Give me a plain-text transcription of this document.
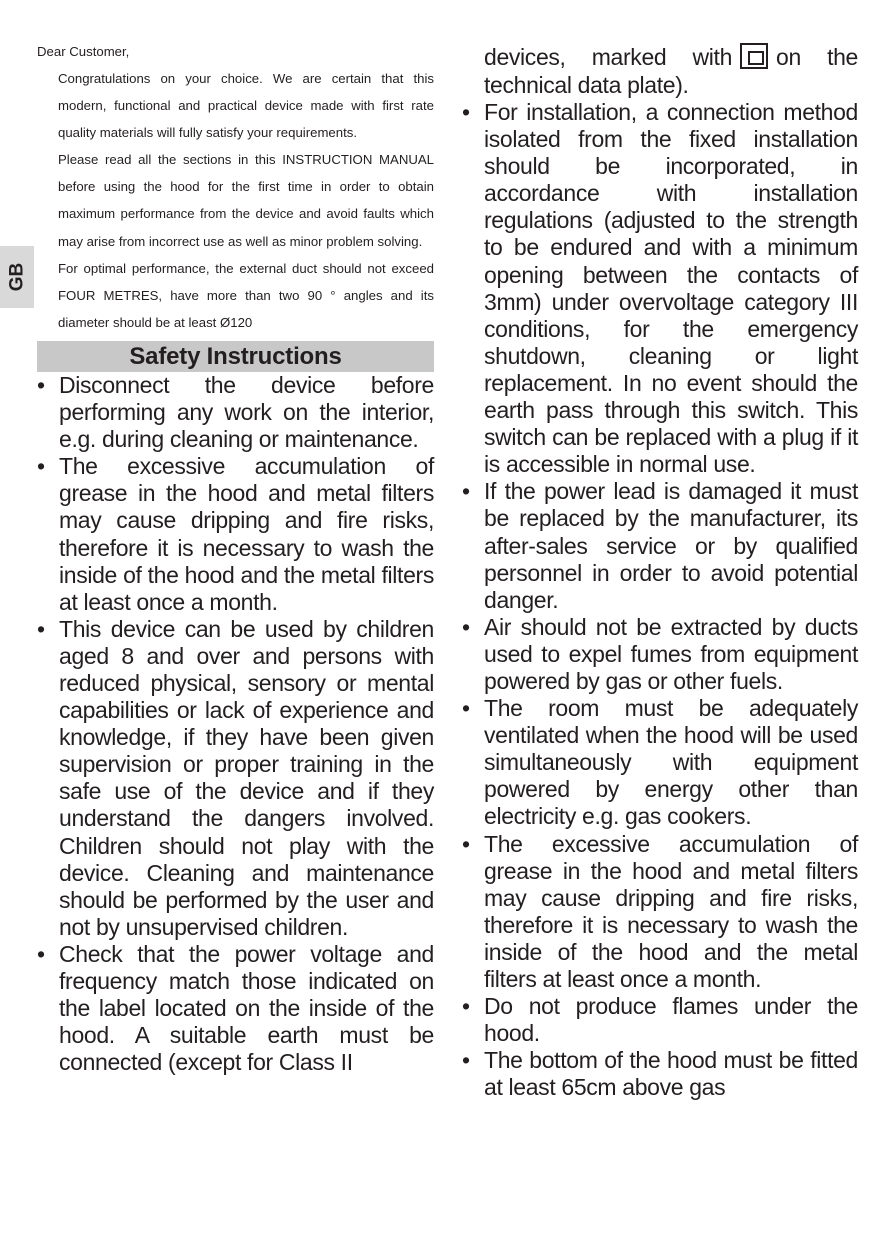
GB

Dear Customer,

Congratulations on your choice. We are certain that this modern, functional and practical device made with first rate quality materials will fully satisfy your requirements.

Please read all the sections in this INSTRUCTION MANUAL before using the hood for the first time in order to obtain maximum performance from the device and avoid faults which may arise from incorrect use as well as minor problem solving.

For optimal performance, the external duct should not exceed FOUR METRES, have more than two 90 ° angles and its diameter should be at least Ø120

Safety Instructions
• Disconnect the device before performing any work on the interior, e.g. during cleaning or maintenance.
• The excessive accumulation of grease in the hood and metal filters may cause dripping and fire risks, therefore it is necessary to wash the inside of the hood and the metal filters at least once a month.
• This device can be used by children aged 8 and over and persons with reduced physical, sensory or mental capabilities or lack of experience and knowledge, if they have been given supervision or proper training in the safe use of the device and if they understand the dangers involved. Children should not play with the device. Cleaning and maintenance should be performed by the user and not by unsupervised children.
• Check that the power voltage and frequency match those indicated on the label located on the inside of the hood. A suitable earth must be connected (except for Class II
devices, marked with on the technical data plate).
• For installation, a connection method isolated from the fixed installation should be incorporated, in accordance with installation regulations (adjusted to the strength to be endured and with a minimum opening between the contacts of 3mm) under overvoltage category III conditions, for the emergency shutdown, cleaning or light replacement. In no event should the earth pass through this switch. This switch can be replaced with a plug if it is accessible in normal use.
• If the power lead is damaged it must be replaced by the manufacturer, its after-sales service or by qualified personnel in order to avoid potential danger.
• Air should not be extracted by ducts used to expel fumes from equipment powered by gas or other fuels.
• The room must be adequately ventilated when the hood will be used simultaneously with equipment powered by energy other than electricity e.g. gas cookers.
• The excessive accumulation of grease in the hood and metal filters may cause dripping and fire risks, therefore it is necessary to wash the inside of the hood and the metal filters at least once a month.
• Do not produce flames under the hood.
• The bottom of the hood must be fitted at least 65cm above gas
